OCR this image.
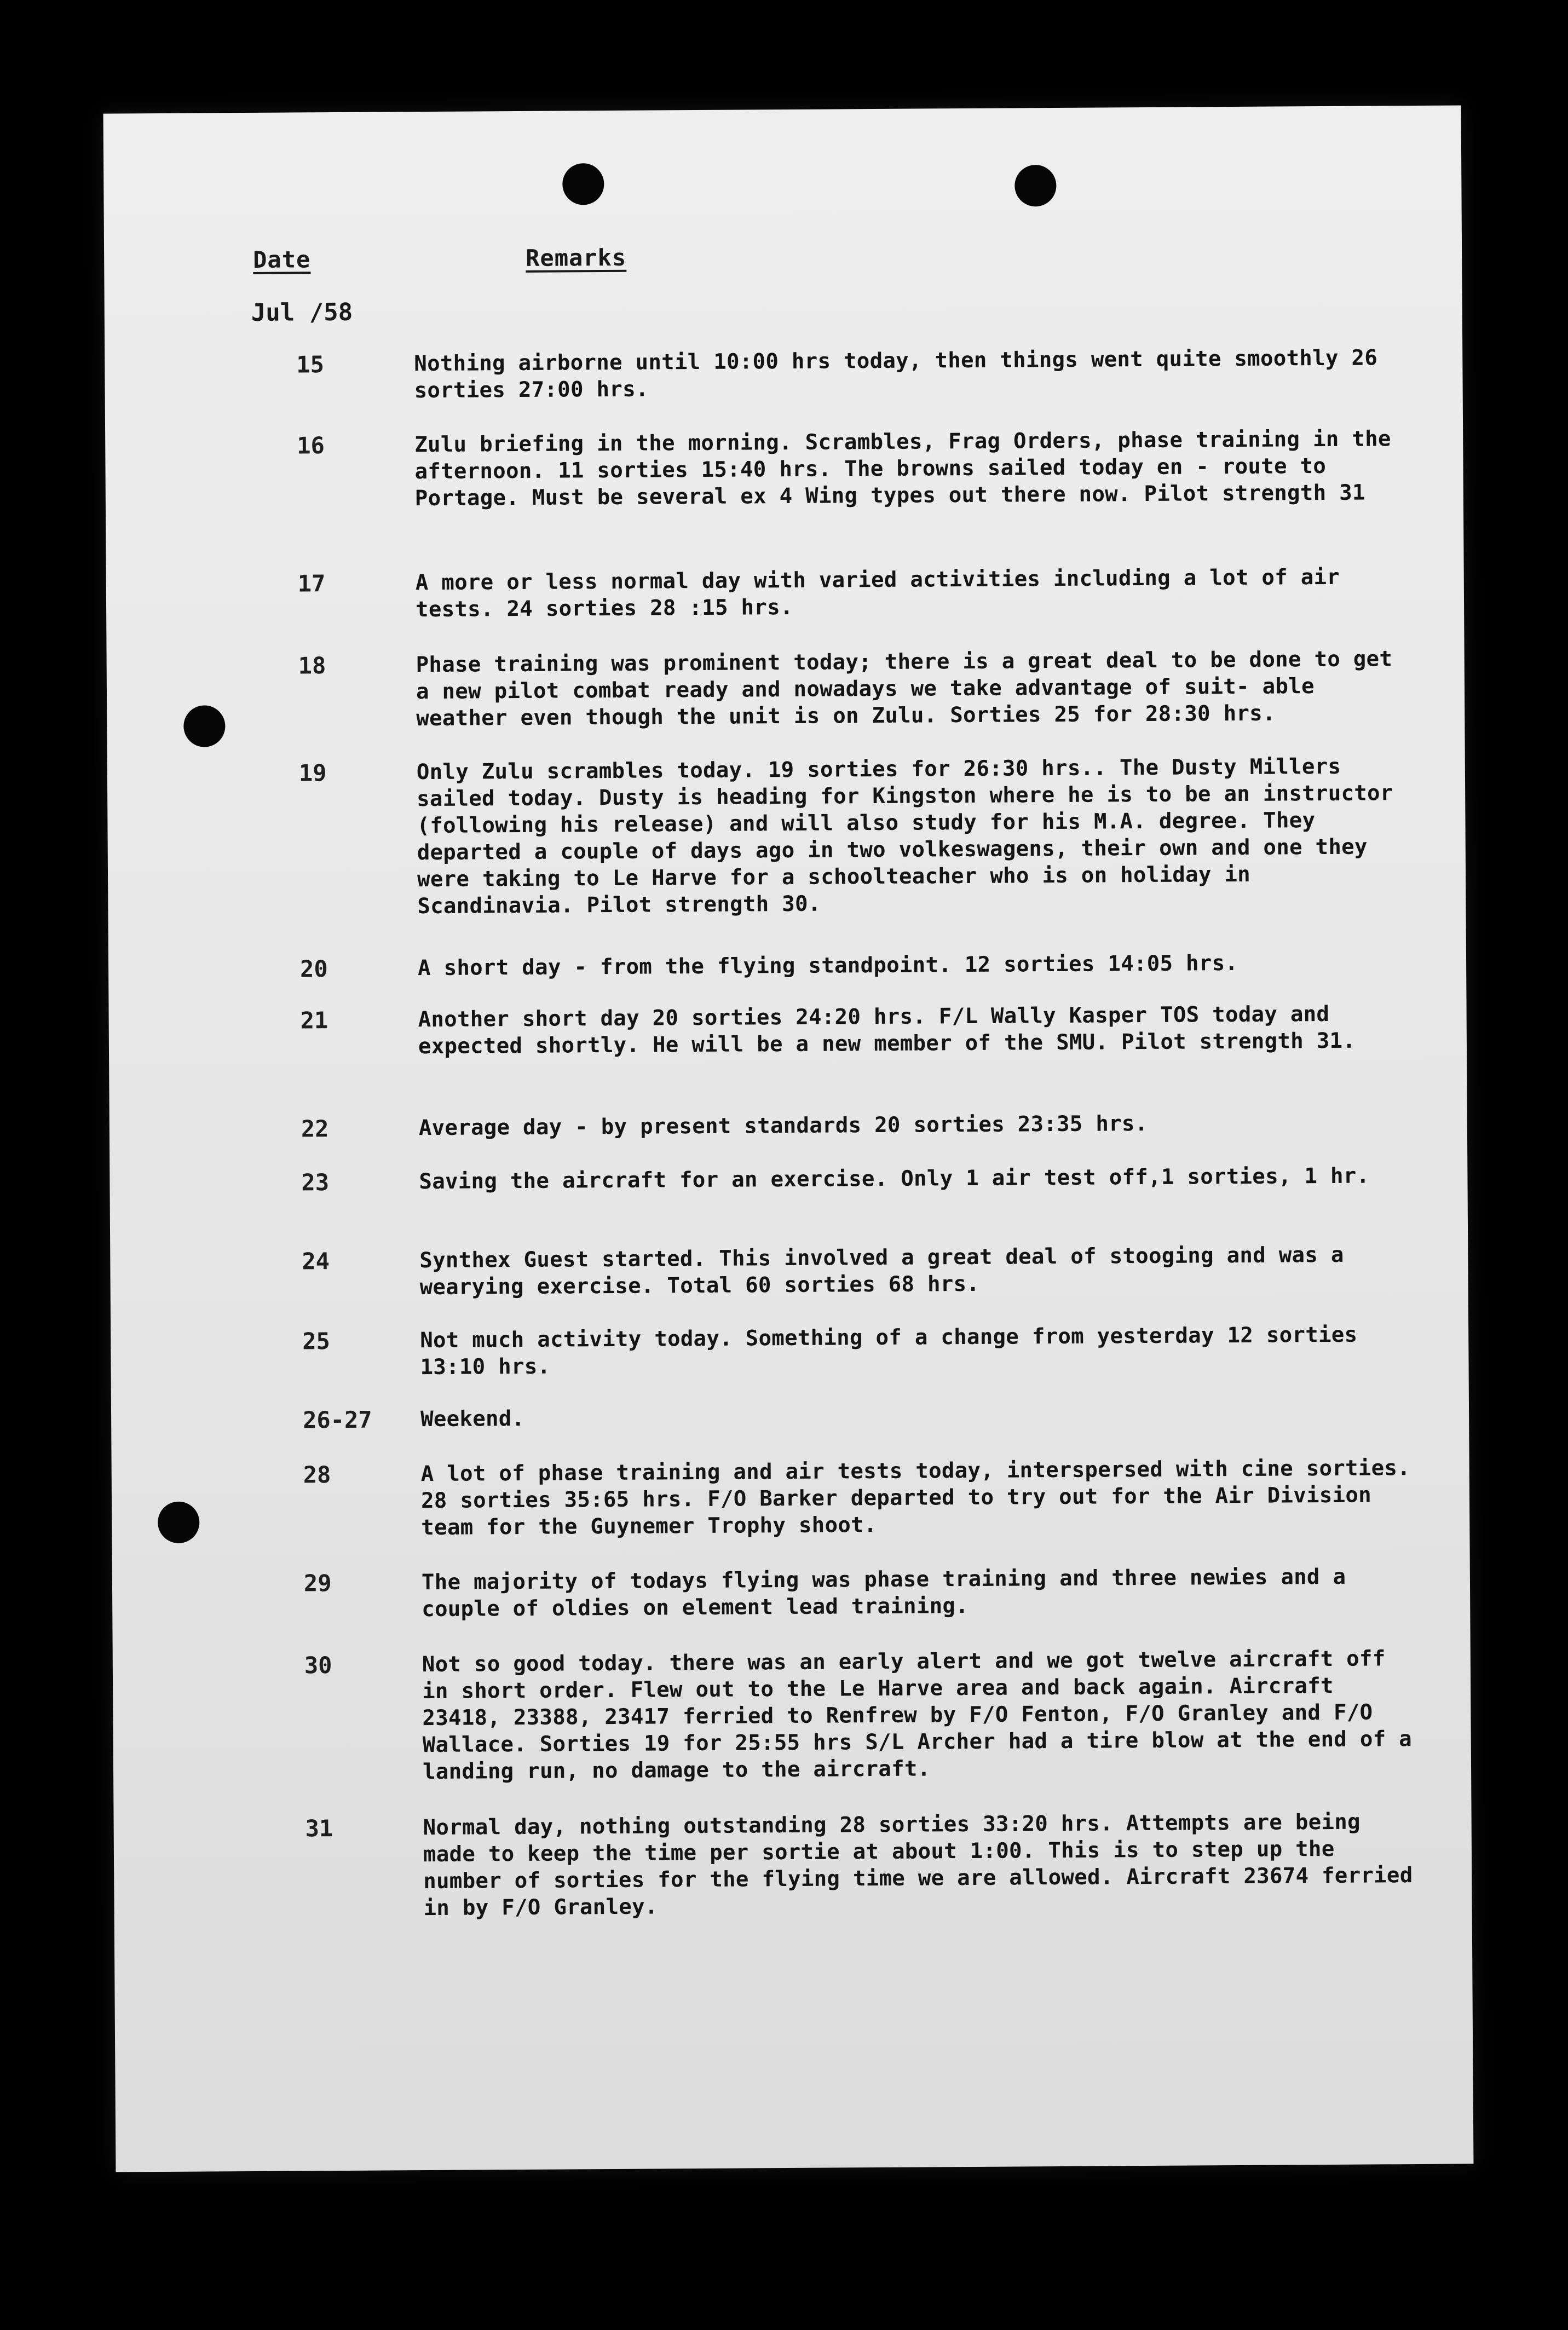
Date	Remarks
Jul /58
15	Nothing airborne until 10:00 hrs today, then things went quite smoothly 26 sorties 27:00 hrs.
16	Zulu briefing in the morning. Scrambles, Frag Orders, phase training in the afternoon. 11 sorties 15:40 hrs. The browns sailed today en - route to Portage. Must be several ex 4 Wing types out there now. Pilot strength 31
17	A more or less normal day with varied activities including a lot of air tests. 24 sorties 28 :15 hrs.
18	Phase training was prominent today; there is a great deal to be done to get a new pilot combat ready and nowadays we take advantage of suit- able weather even though the unit is on Zulu. Sorties 25 for 28:30 hrs.
19	Only Zulu scrambles today. 19 sorties for 26:30 hrs.. The Dusty Millers sailed today. Dusty is heading for Kingston where he is to be an instructor (following his release) and will also study for his M.A. degree. They departed a couple of days ago in two volkeswagens, their own and one they were taking to Le Harve for a schoolteacher who is on holiday in Scandinavia. Pilot strength 30.
20	A short day - from the flying standpoint. 12 sorties 14:05 hrs.
21	Another short day 20 sorties 24:20 hrs. F/L Wally Kasper TOS today and expected shortly. He will be a new member of the SMU. Pilot strength 31.
22	Average day - by present standards 20 sorties 23:35 hrs.
23	Saving the aircraft for an exercise. Only 1 air test off,1 sorties, 1 hr.
24	Synthex Guest started. This involved a great deal of stooging and was a wearying exercise. Total 60 sorties 68 hrs.
25	Not much activity today. Something of a change from yesterday 12 sorties 13:10 hrs.
26-27	Weekend.
28	A lot of phase training and air tests today, interspersed with cine sorties. 28 sorties 35:65 hrs. F/O Barker departed to try out for the Air Division team for the Guynemer Trophy shoot.
29	The majority of todays flying was phase training and three newies and a couple of oldies on element lead training.
30	Not so good today. there was an early alert and we got twelve aircraft off in short order. Flew out to the Le Harve area and back again. Aircraft 23418, 23388, 23417 ferried to Renfrew by F/O Fenton, F/O Granley and F/O Wallace. Sorties 19 for 25:55 hrs S/L Archer had a tire blow at the end of a landing run, no damage to the aircraft.
31	Normal day, nothing outstanding 28 sorties 33:20 hrs. Attempts are being made to keep the time per sortie at about 1:00. This is to step up the number of sorties for the flying time we are allowed. Aircraft 23674 ferried in by F/O Granley.
